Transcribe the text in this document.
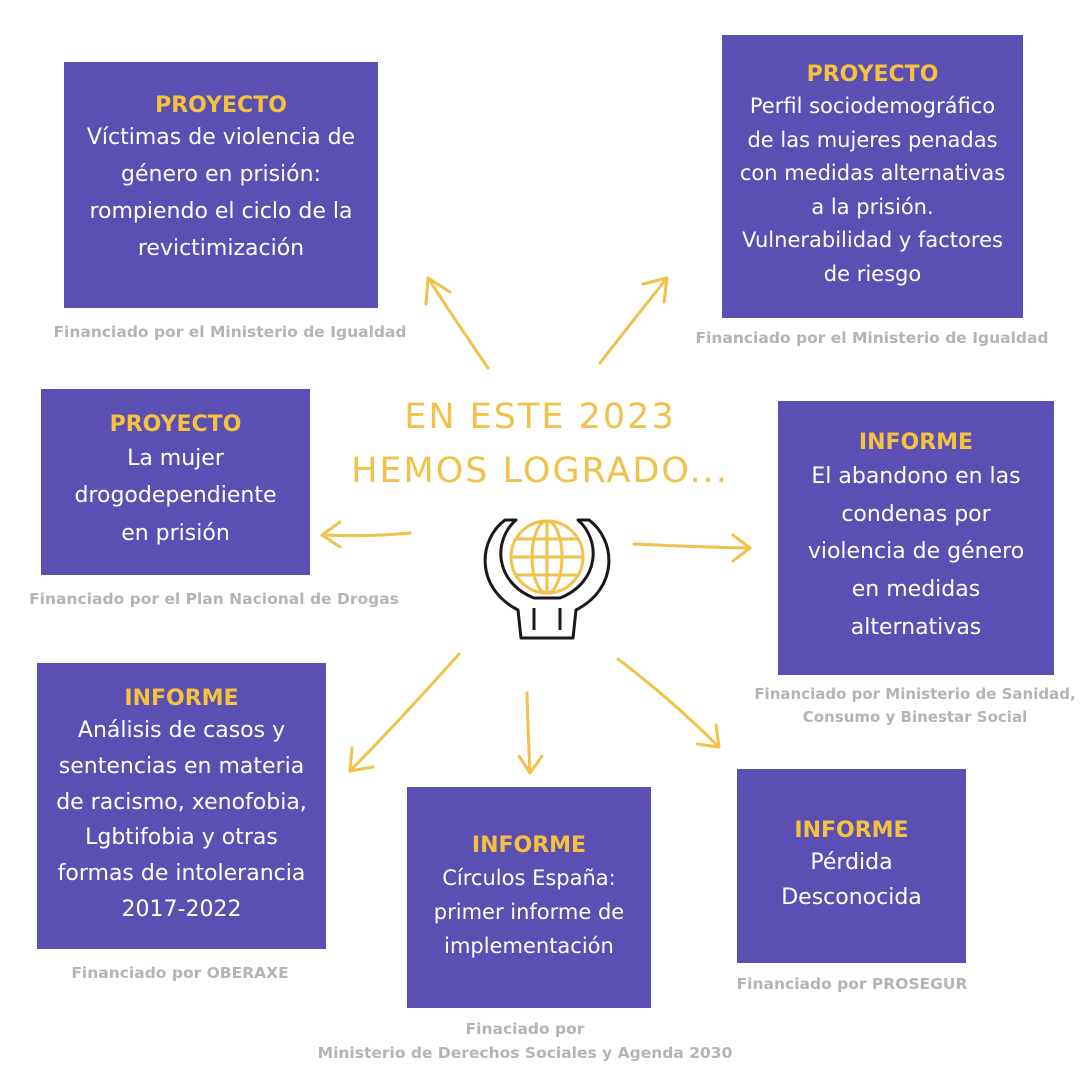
EN ESTE 2023
HEMOS LOGRADO...
PROYECTO
Víctimas de violencia de
género en prisión:
rompiendo el ciclo de la
revictimización
Financiado por el Ministerio de Igualdad
PROYECTO
Perfil sociodemográfico
de las mujeres penadas
con medidas alternativas
a la prisión.
Vulnerabilidad y factores
de riesgo
Financiado por el Ministerio de Igualdad
PROYECTO
La mujer
drogodependiente
en prisión
Financiado por el Plan Nacional de Drogas
INFORME
El abandono en las
condenas por
violencia de género
en medidas
alternativas
Financiado por Ministerio de Sanidad,
Consumo y Binestar Social
INFORME
Análisis de casos y
sentencias en materia
de racismo, xenofobia,
Lgbtifobia y otras
formas de intolerancia
2017-2022
Financiado por OBERAXE
INFORME
Círculos España:
primer informe de
implementación
Finaciado por
Ministerio de Derechos Sociales y Agenda 2030
INFORME
Pérdida
Desconocida
Financiado por PROSEGUR
